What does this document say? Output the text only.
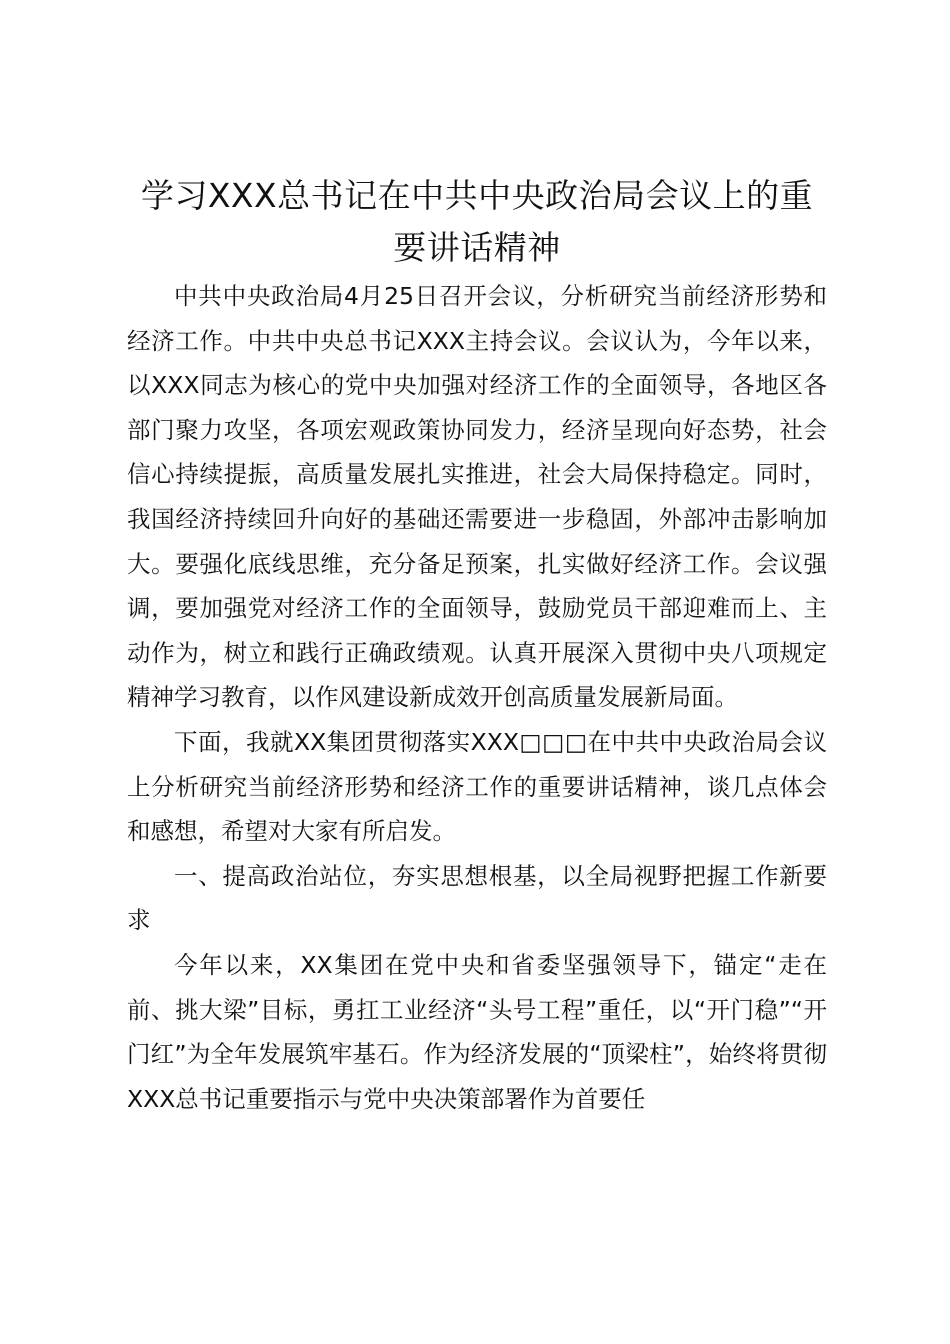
学习XXX总书记在中共中央政治局会议上的重要讲话精神

中共中央政治局4月25日召开会议，分析研究当前经济形势和经济工作。中共中央总书记XXX主持会议。会议认为，今年以来，以XXX同志为核心的党中央加强对经济工作的全面领导，各地区各部门聚力攻坚，各项宏观政策协同发力，经济呈现向好态势，社会信心持续提振，高质量发展扎实推进，社会大局保持稳定。同时，我国经济持续回升向好的基础还需要进一步稳固，外部冲击影响加大。要强化底线思维，充分备足预案，扎实做好经济工作。会议强调，要加强党对经济工作的全面领导，鼓励党员干部迎难而上、主动作为，树立和践行正确政绩观。认真开展深入贯彻中央八项规定精神学习教育，以作风建设新成效开创高质量发展新局面。

下面，我就XX集团贯彻落实XXX□□□在中共中央政治局会议上分析研究当前经济形势和经济工作的重要讲话精神，谈几点体会和感想，希望对大家有所启发。

一、提高政治站位，夯实思想根基，以全局视野把握工作新要求

今年以来，XX集团在党中央和省委坚强领导下，锚定“走在前、挑大梁”目标，勇扛工业经济“头号工程”重任，以“开门稳”“开门红”为全年发展筑牢基石。作为经济发展的“顶梁柱”，始终将贯彻XXX总书记重要指示与党中央决策部署作为首要任
